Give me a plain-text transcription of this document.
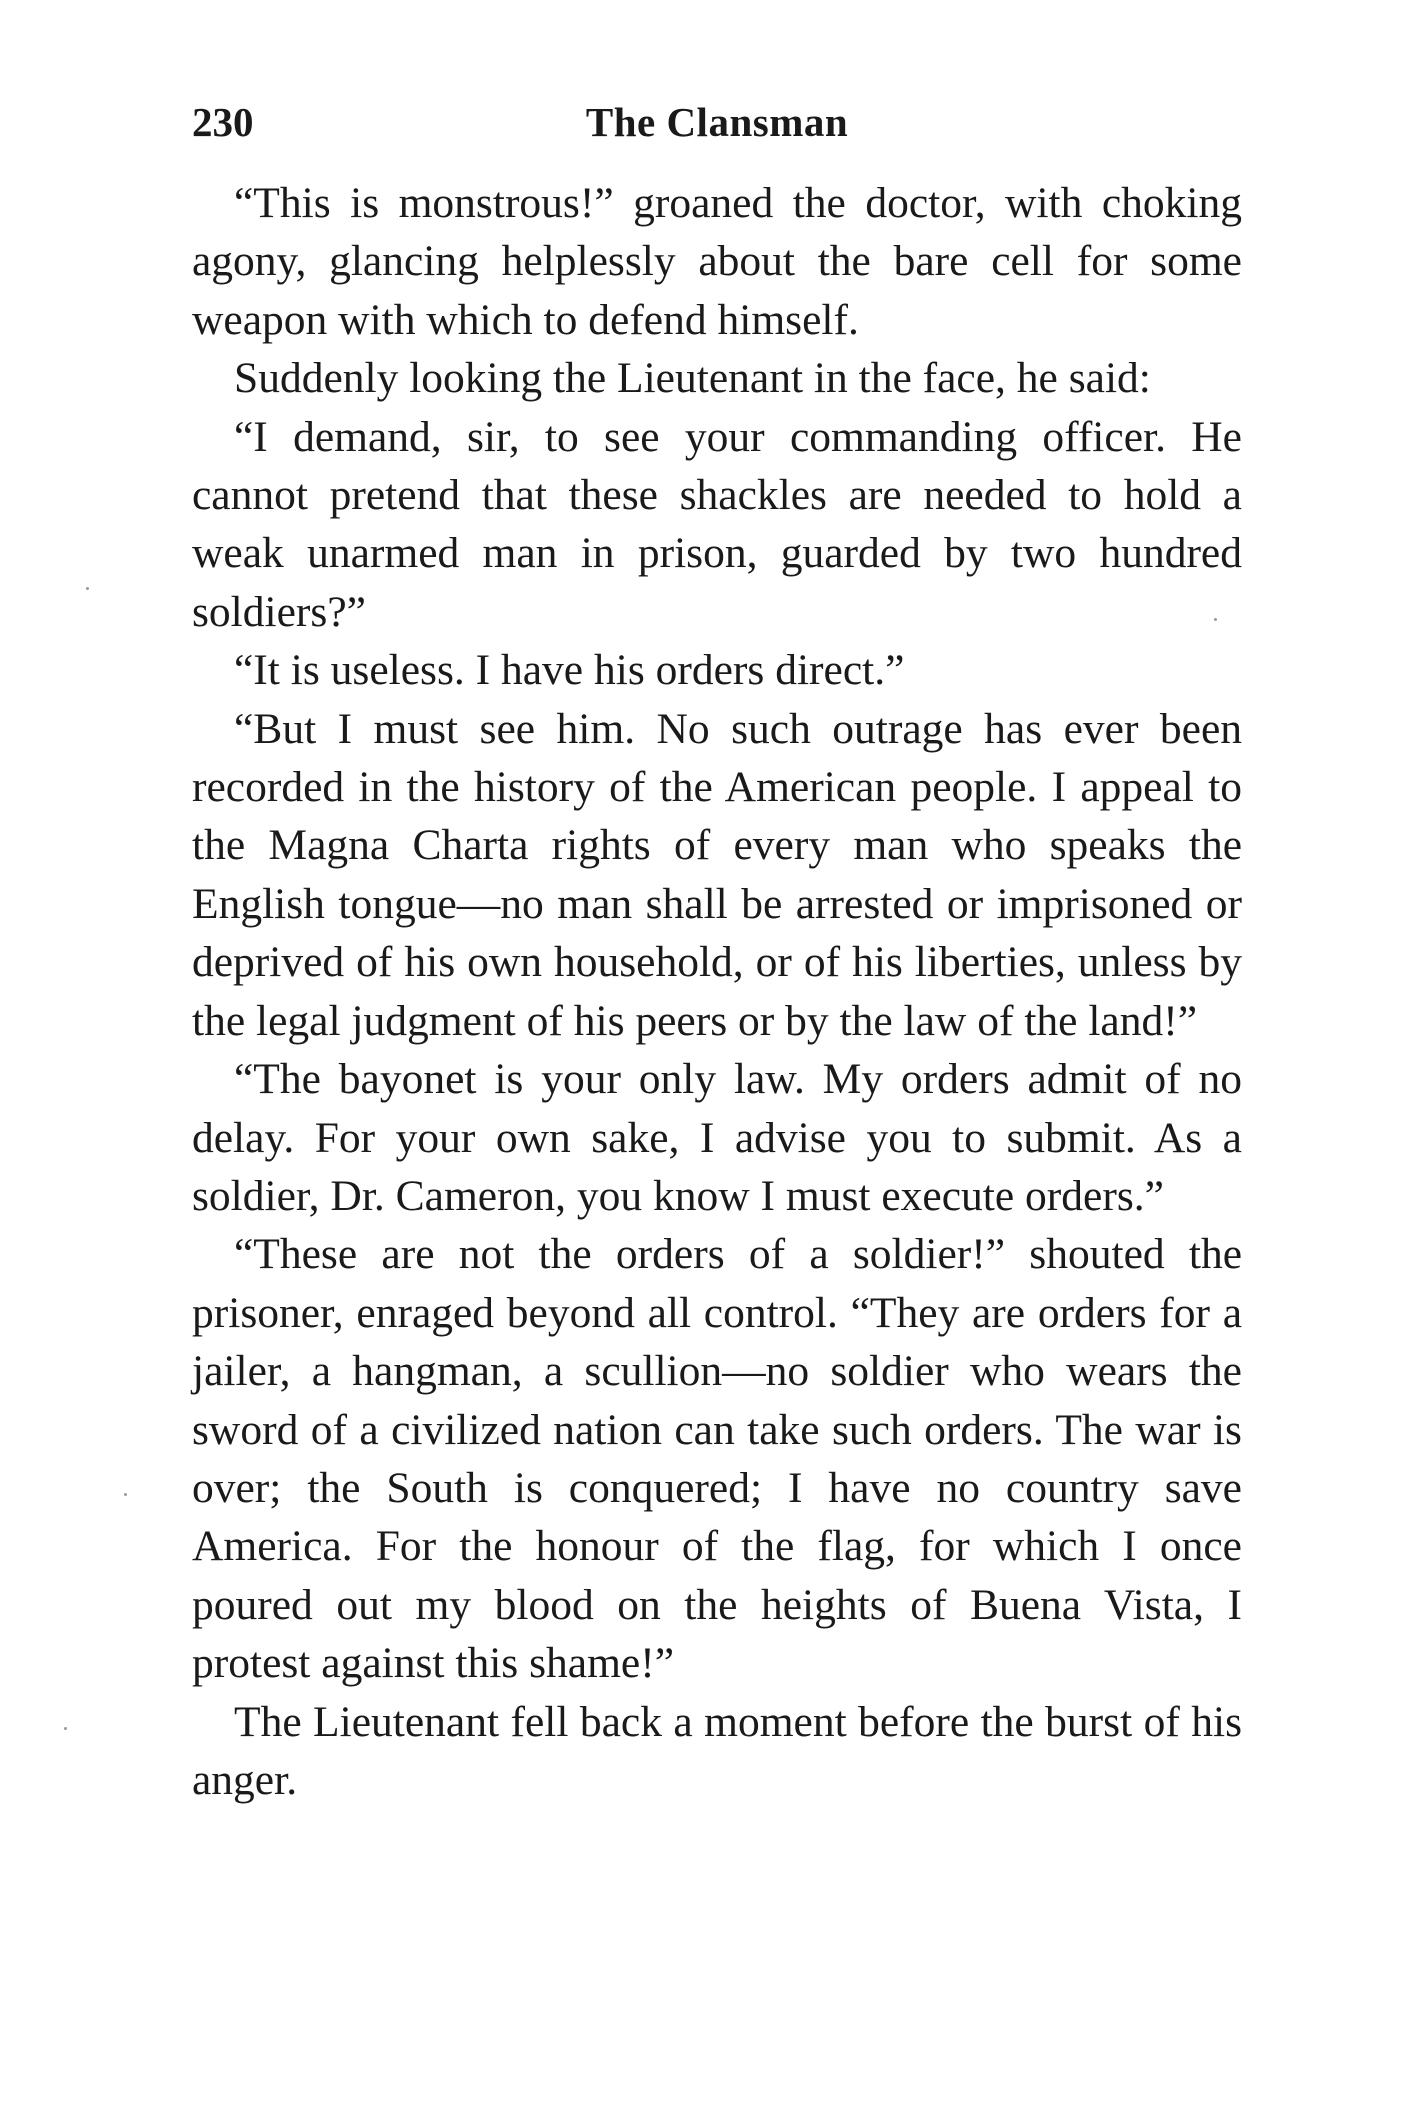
230	The Clansman

“This is monstrous!” groaned the doctor, with choking agony, glancing helplessly about the bare cell for some weapon with which to defend himself.

Suddenly looking the Lieutenant in the face, he said:

“I demand, sir, to see your commanding officer. He cannot pretend that these shackles are needed to hold a weak unarmed man in prison, guarded by two hundred soldiers?”

“It is useless. I have his orders direct.”

“But I must see him. No such outrage has ever been recorded in the history of the American people. I appeal to the Magna Charta rights of every man who speaks the English tongue—no man shall be arrested or imprisoned or deprived of his own household, or of his liberties, unless by the legal judgment of his peers or by the law of the land!”

“The bayonet is your only law. My orders admit of no delay. For your own sake, I advise you to submit. As a soldier, Dr. Cameron, you know I must execute orders.”

“These are not the orders of a soldier!” shouted the prisoner, enraged beyond all control. “They are orders for a jailer, a hangman, a scullion—no soldier who wears the sword of a civilized nation can take such orders. The war is over; the South is conquered; I have no country save America. For the honour of the flag, for which I once poured out my blood on the heights of Buena Vista, I protest against this shame!”

The Lieutenant fell back a moment before the burst of his anger.
